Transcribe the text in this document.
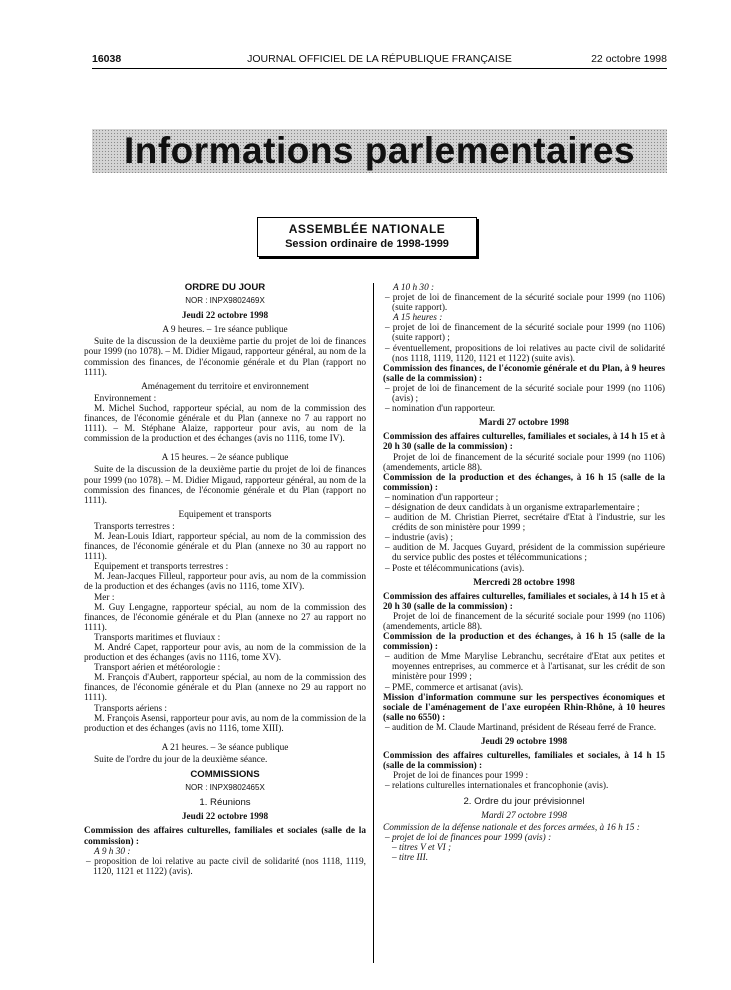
16038	JOURNAL OFFICIEL DE LA RÉPUBLIQUE FRANÇAISE	22 octobre 1998
Informations parlementaires
ASSEMBLÉE NATIONALE
Session ordinaire de 1998-1999
ORDRE DU JOUR
NOR : INPX9802469X
Jeudi 22 octobre 1998
A 9 heures. – 1re séance publique

Suite de la discussion de la deuxième partie du projet de loi de finances pour 1999 (no 1078). – M. Didier Migaud, rapporteur général, au nom de la commission des finances, de l'économie générale et du Plan (rapport no 1111).

Aménagement du territoire et environnement

Environnement :

M. Michel Suchod, rapporteur spécial, au nom de la commission des finances, de l'économie générale et du Plan (annexe no 7 au rapport no 1111). – M. Stéphane Alaize, rapporteur pour avis, au nom de la commission de la production et des échanges (avis no 1116, tome IV).

A 15 heures. – 2e séance publique

Suite de la discussion de la deuxième partie du projet de loi de finances pour 1999 (no 1078). – M. Didier Migaud, rapporteur général, au nom de la commission des finances, de l'économie générale et du Plan (rapport no 1111).

Equipement et transports

Transports terrestres :

M. Jean-Louis Idiart, rapporteur spécial, au nom de la commission des finances, de l'économie générale et du Plan (annexe no 30 au rapport no 1111).

Equipement et transports terrestres :

M. Jean-Jacques Filleul, rapporteur pour avis, au nom de la commission de la production et des échanges (avis no 1116, tome XIV).

Mer :

M. Guy Lengagne, rapporteur spécial, au nom de la commission des finances, de l'économie générale et du Plan (annexe no 27 au rapport no 1111).

Transports maritimes et fluviaux :

M. André Capet, rapporteur pour avis, au nom de la commission de la production et des échanges (avis no 1116, tome XV).

Transport aérien et météorologie :

M. François d'Aubert, rapporteur spécial, au nom de la commission des finances, de l'économie générale et du Plan (annexe no 29 au rapport no 1111).

Transports aériens :

M. François Asensi, rapporteur pour avis, au nom de la commission de la production et des échanges (avis no 1116, tome XIII).

A 21 heures. – 3e séance publique

Suite de l'ordre du jour de la deuxième séance.

COMMISSIONS
NOR : INPX9802465X
1. Réunions
Jeudi 22 octobre 1998

Commission des affaires culturelles, familiales et sociales (salle de la commission) :

A 9 h 30 :

– proposition de loi relative au pacte civil de solidarité (nos 1118, 1119, 1120, 1121 et 1122) (avis).

A 10 h 30 :

– projet de loi de financement de la sécurité sociale pour 1999 (no 1106) (suite rapport).

A 15 heures :

– projet de loi de financement de la sécurité sociale pour 1999 (no 1106) (suite rapport) ;

– éventuellement, propositions de loi relatives au pacte civil de solidarité (nos 1118, 1119, 1120, 1121 et 1122) (suite avis).

Commission des finances, de l'économie générale et du Plan, à 9 heures (salle de la commission) :

– projet de loi de financement de la sécurité sociale pour 1999 (no 1106) (avis) ;

– nomination d'un rapporteur.

Mardi 27 octobre 1998

Commission des affaires culturelles, familiales et sociales, à 14 h 15 et à 20 h 30 (salle de la commission) :

Projet de loi de financement de la sécurité sociale pour 1999 (no 1106) (amendements, article 88).

Commission de la production et des échanges, à 16 h 15 (salle de la commission) :

– nomination d'un rapporteur ;

– désignation de deux candidats à un organisme extraparlementaire ;

– audition de M. Christian Pierret, secrétaire d'Etat à l'industrie, sur les crédits de son ministère pour 1999 ;

– industrie (avis) ;

– audition de M. Jacques Guyard, président de la commission supérieure du service public des postes et télécommunications ;

– Poste et télécommunications (avis).

Mercredi 28 octobre 1998

Commission des affaires culturelles, familiales et sociales, à 14 h 15 et à 20 h 30 (salle de la commission) :

Projet de loi de financement de la sécurité sociale pour 1999 (no 1106) (amendements, article 88).

Commission de la production et des échanges, à 16 h 15 (salle de la commission) :

– audition de Mme Marylise Lebranchu, secrétaire d'Etat aux petites et moyennes entreprises, au commerce et à l'artisanat, sur les crédit de son ministère pour 1999 ;

– PME, commerce et artisanat (avis).

Mission d'information commune sur les perspectives économiques et sociale de l'aménagement de l'axe européen Rhin-Rhône, à 10 heures (salle no 6550) :

– audition de M. Claude Martinand, président de Réseau ferré de France.

Jeudi 29 octobre 1998

Commission des affaires culturelles, familiales et sociales, à 14 h 15 (salle de la commission) :

Projet de loi de finances pour 1999 :

– relations culturelles internationales et francophonie (avis).

2. Ordre du jour prévisionnel
Mardi 27 octobre 1998

Commission de la défense nationale et des forces armées, à 16 h 15 :

– projet de loi de finances pour 1999 (avis) :

– titres V et VI ;

– titre III.
